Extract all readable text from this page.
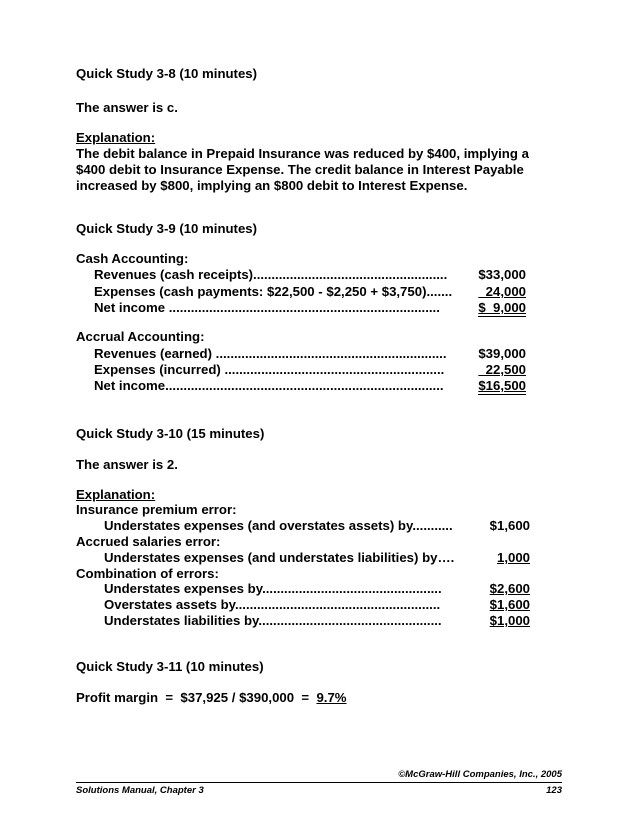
Quick Study 3-8 (10 minutes)
The answer is c.
Explanation:
The debit balance in Prepaid Insurance was reduced by $400, implying a
$400 debit to Insurance Expense. The credit balance in Interest Payable
increased by $800, implying an $800 debit to Interest Expense.
Quick Study 3-9 (10 minutes)
Cash Accounting:
Revenues (cash receipts)..................................................... $33,000
Expenses (cash payments: $22,500 - $2,250 + $3,750)....... 24,000
Net income ..........................................................................	$  9,000
Accrual Accounting:
Revenues (earned) ............................................................... $39,000
Expenses (incurred) ............................................................	22,500
Net income............................................................................	$16,500
Quick Study 3-10 (15 minutes)
The answer is 2.
Explanation:
Insurance premium error:
Understates expenses (and overstates assets) by...........	$1,600
Accrued salaries error:
Understates expenses (and understates liabilities) by….	1,000
Combination of errors:
Understates expenses by.................................................	$2,600
Overstates assets by........................................................	$1,600
Understates liabilities by..................................................	$1,000
Quick Study 3-11 (10 minutes)
Profit margin  =  $37,925 / $390,000  =  9.7%
©McGraw-Hill Companies, Inc., 2005
Solutions Manual, Chapter 3	123
